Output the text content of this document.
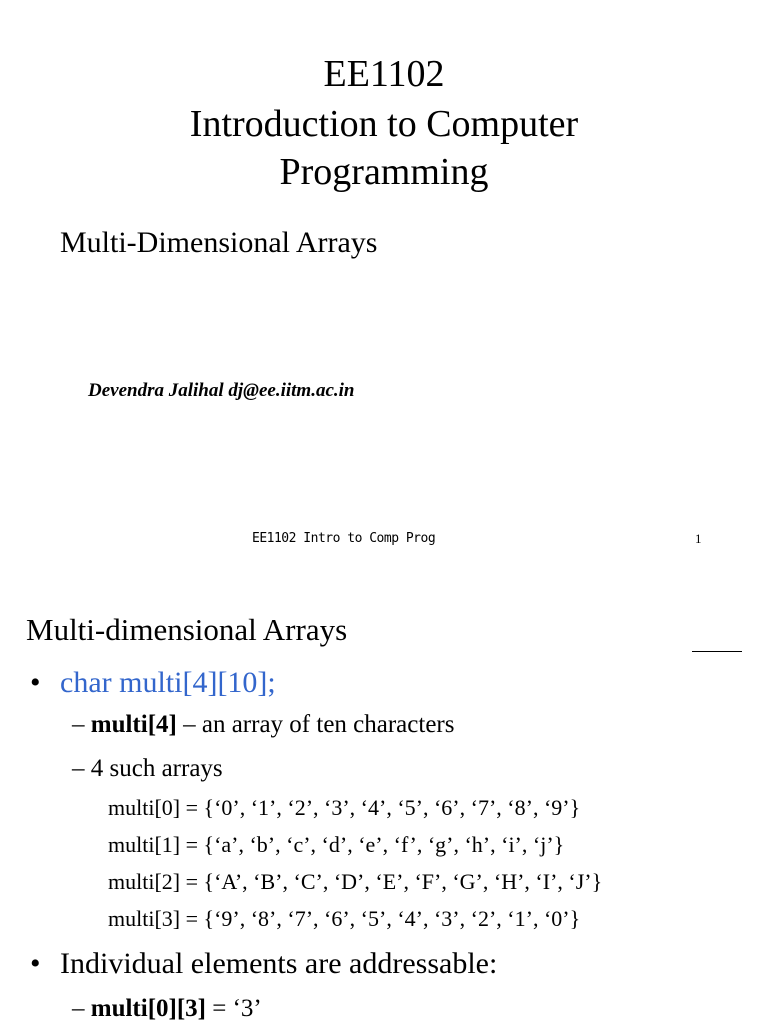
EE1102
Introduction to Computer Programming
Multi-Dimensional Arrays
Devendra Jalihal dj@ee.iitm.ac.in
EE1102 Intro to Comp Prog	1
Multi-dimensional Arrays
• char multi[4][10];
– multi[4] – an array of ten characters
– 4 such arrays
multi[0] = {‘0’, ‘1’, ‘2’, ‘3’, ‘4’, ‘5’, ‘6’, ‘7’, ‘8’, ‘9’}
multi[1] = {‘a’, ‘b’, ‘c’, ‘d’, ‘e’, ‘f’, ‘g’, ‘h’, ‘i’, ‘j’}
multi[2] = {‘A’, ‘B’, ‘C’, ‘D’, ‘E’, ‘F’, ‘G’, ‘H’, ‘I’, ‘J’}
multi[3] = {‘9’, ‘8’, ‘7’, ‘6’, ‘5’, ‘4’, ‘3’, ‘2’, ‘1’, ‘0’}
• Individual elements are addressable:
– multi[0][3] = ‘3’
